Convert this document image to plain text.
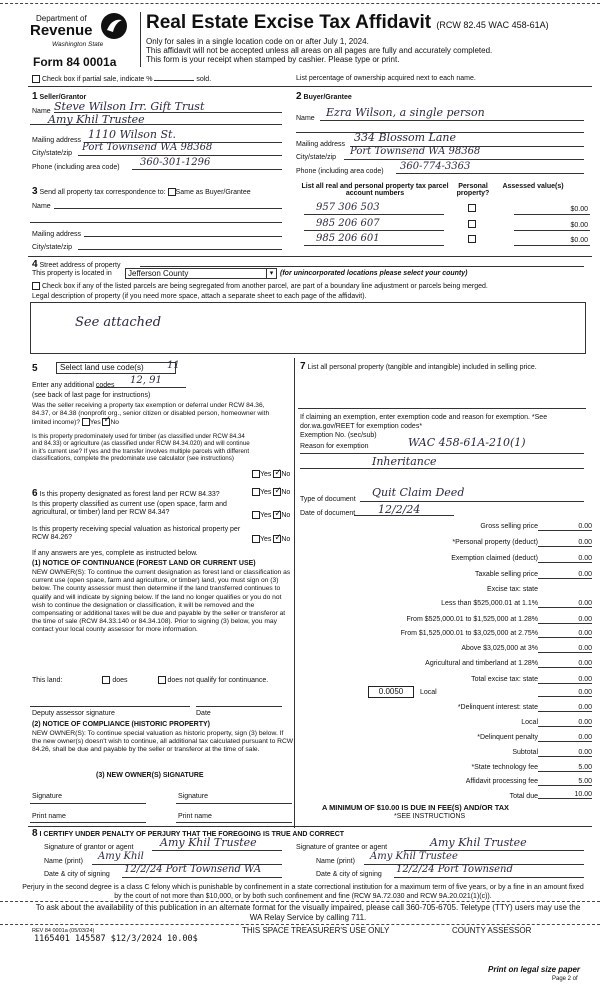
Department of
Revenue
Washington State
Form 84 0001a
Real Estate Excise Tax Affidavit (RCW 82.45 WAC 458-61A)
Only for sales in a single location code on or after July 1, 2024.
This affidavit will not be accepted unless all areas on all pages are fully and accurately completed.
This form is your receipt when stamped by cashier. Please type or print.
Check box if partial sale, indicate %	sold.	List percentage of ownership acquired next to each name.
1 Seller/Grantor
Name Steve Wilson Irr. Gift Trust
Amy Khil Trustee
Mailing address 1110 Wilson St.
City/state/zip
Port Townsend WA 98368
Phone (including area code) 360-301-1296
2 Buyer/Grantee
Name Ezra Wilson, a single person
Mailing address
334 Blossom Lane
City/state/zip
Port Townsend WA 98368
Phone (including area code) 360-774-3363
3 Send all property tax correspondence to: Same as Buyer/Grantee
Name
Mailing address
City/state/zip
List all real and personal property tax parcel account numbers
Personal property?
Assessed value(s)
957 306 503	$0.00
985 206 607	$0.00
985 206 601	$0.00
4 Street address of property
This property is located in	Jefferson County	▾ (for unincorporated locations please select your county)
Check box if any of the listed parcels are being segregated from another parcel, are part of a boundary line adjustment or parcels being merged.
Legal description of property (if you need more space, attach a separate sheet to each page of the affidavit).
See attached
5	Select land use code(s) 11
Enter any additional codes 12, 91
(see back of last page for instructions)
Was the seller receiving a property tax exemption or deferral under RCW 84.36, 84.37, or 84.38 (nonprofit org., senior citizen or disabled person, homeowner with limited income)? Yes ✓ No
Is this property predominately used for timber (as classified under RCW 84.34 and 84.33) or agriculture (as classified under RCW 84.34.020) and will continue in it's current use? If yes and the transfer involves multiple parcels with different classifications, complete the predominate use calculator (see instructions)
Yes ✓ No
6 Is this property designated as forest land per RCW 84.33?	Yes ✓ No
Is this property classified as current use (open space, farm and agricultural, or timber) land per RCW 84.34?	Yes ✓ No
Is this property receiving special valuation as historical property per RCW 84.26?	Yes ✓ No
If any answers are yes, complete as instructed below.
(1) NOTICE OF CONTINUANCE (FOREST LAND OR CURRENT USE)
NEW OWNER(S): To continue the current designation as forest land or classification as current use (open space, farm and agriculture, or timber) land, you must sign on (3) below. The county assessor must then determine if the land transferred continues to qualify and will indicate by signing below. If the land no longer qualifies or you do not wish to continue the designation or classification, it will be removed and the compensating or additional taxes will be due and payable by the seller or transferor at the time of sale (RCW 84.33.140 or 84.34.108). Prior to signing (3) below, you may contact your local county assessor for more information.
This land:	does	does not qualify for continuance.
Deputy assessor signature	Date
(2) NOTICE OF COMPLIANCE (HISTORIC PROPERTY)
NEW OWNER(S): To continue special valuation as historic property, sign (3) below. If the new owner(s) doesn't wish to continue, all additional tax calculated pursuant to RCW 84.26, shall be due and payable by the seller or transferor at the time of sale.
(3) NEW OWNER(S) SIGNATURE
Signature	Signature
Print name	Print name
7 List all personal property (tangible and intangible) included in selling price.
If claiming an exemption, enter exemption code and reason for exemption. *See dor.wa.gov/REET for exemption codes*
Exemption No. (sec/sub)
Reason for exemption	WAC 458-61A-210(1)
Inheritance
Type of document
Quit Claim Deed
Date of document 12/2/24
Gross selling price	0.00
*Personal property (deduct)	0.00
Exemption claimed (deduct)	0.00
Taxable selling price	0.00
Excise tax: state
Less than $525,000.01 at 1.1%	0.00
From $525,000.01 to $1,525,000 at 1.28%	0.00
From $1,525,000.01 to $3,025,000 at 2.75%	0.00
Above $3,025,000 at 3%	0.00
Agricultural and timberland at 1.28%	0.00
Total excise tax: state	0.00
0.0050	Local	0.00
*Delinquent interest: state	0.00
Local	0.00
*Delinquent penalty	0.00
Subtotal	0.00
*State technology fee	5.00
Affidavit processing fee	5.00
Total due	10.00
A MINIMUM OF $10.00 IS DUE IN FEE(S) AND/OR TAX
*SEE INSTRUCTIONS
8 I CERTIFY UNDER PENALTY OF PERJURY THAT THE FOREGOING IS TRUE AND CORRECT
Signature of grantor or agent Amy Khil Trustee
Name (print) Amy Khil
Date & city of signing 12/2/24 Port Townsend WA
Signature of grantee or agent	Amy Khil Trustee
Name (print) Amy Khil Trustee
Date & city of signing 12/2/24 Port Townsend
Perjury in the second degree is a class C felony which is punishable by confinement in a state correctional institution for a maximum term of five years, or by a fine in an amount fixed by the court of not more than $10,000, or by both such confinement and fine (RCW 9A.72.030 and RCW 9A.20.021(1)(c)).
To ask about the availability of this publication in an alternate format for the visually impaired, please call 360-705-6705. Teletype (TTY) users may use the WA Relay Service by calling 711.
REV 84 0001a (05/03/24)
1165401 145587 $12/3/2024 10.00$
THIS SPACE TREASURER'S USE ONLY	COUNTY ASSESSOR
Print on legal size paper
Page 2 of
